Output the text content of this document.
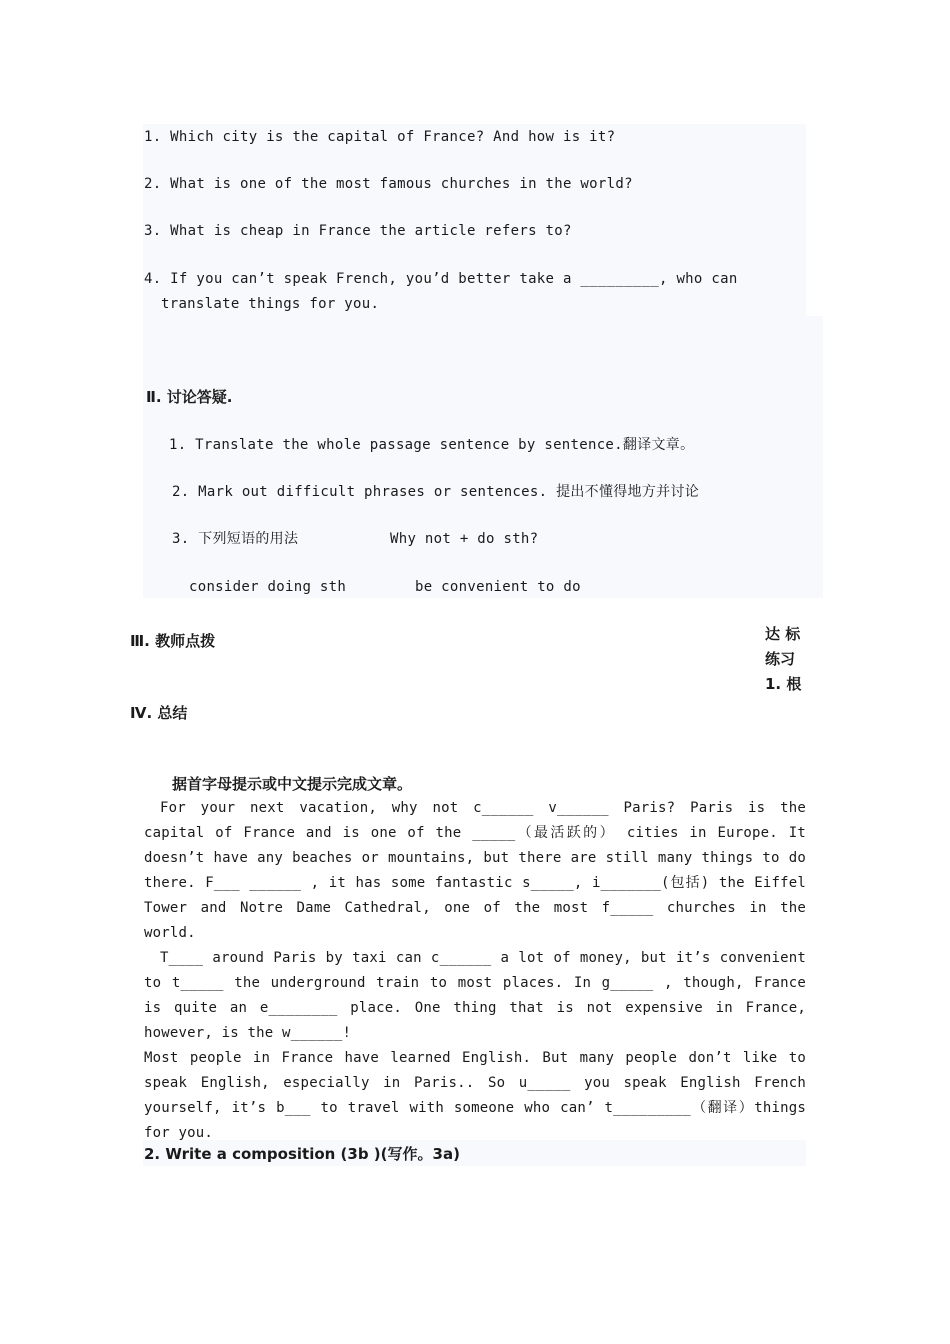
1. Which city is the capital of France? And how is it?
2. What is one of the most famous churches in the world?
3. What is cheap in France the article refers to?
4. If you can’t speak French, you’d better take a _________, who can
translate things for you.
Ⅱ. 讨论答疑.
1. Translate the whole passage sentence by sentence.翻译文章。
2. Mark out difficult phrases or sentences. 提出不懂得地方并讨论
3. 下列短语的用法	Why not + do sth?
consider doing sth	be convenient to do
Ⅲ. 教师点拨
Ⅳ. 总结
达 标
练习
1. 根
据首字母提示或中文提示完成文章。

For your next vacation, why not c______ v______ Paris? Paris is the capital of France and is one of the _____（最活跃的） cities in Europe. It doesn’t have any beaches or mountains, but there are still many things to do there. F___ ______ , it has some fantastic s_____, i_______(包括) the Eiffel Tower and Notre Dame Cathedral, one of the most f_____ churches in the world.

T____ around Paris by taxi can c______ a lot of money, but it’s convenient to t_____ the underground train to most places. In g_____ , though, France is quite an e________ place. One thing that is not expensive in France, however, is the w______!

Most people in France have learned English. But many people don’t like to speak English, especially in Paris.. So u_____ you speak English French yourself, it’s b___ to travel with someone who can’ t_________（翻译）things for you.

2. Write a composition (3b )(写作。3a)
